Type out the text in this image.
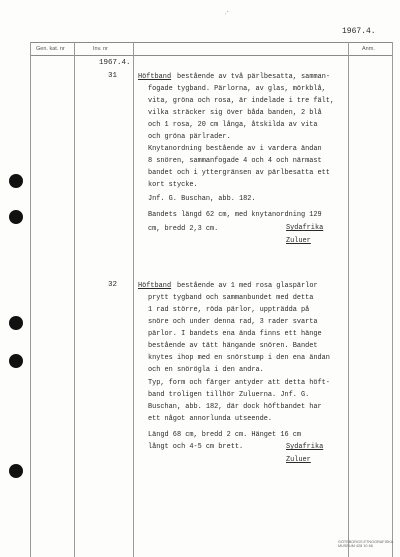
,⁺
1967.4.
Gen. kat. nr	Inv. nr	Anm.
1967.4.
31	Höftband bestående av två pärlbesatta, samman-
fogade tygband. Pärlorna, av glas, mörkblå,
vita, gröna och rosa, är indelade i tre fält,
vilka sträcker sig över båda banden, 2 blå
och 1 rosa, 20 cm långa, åtskilda av vita
och gröna pärlrader.
Knytanordning bestående av i vardera ändan
8 snören, sammanfogade 4 och 4 och närmast
bandet och i yttergränsen av pärlbesatta ett
kort stycke.
Jnf. G. Buschan, abb. 182.
Bandets längd 62 cm, med knytanordning 129
cm, bredd 2,3 cm.	Sydafrika
Zuluer
32	Höftband bestående av 1 med rosa glaspärlor
prytt tygband och sammanbundet med detta
1 rad större, röda pärlor, uppträdda på
snöre och under denna rad, 3 rader svarta
pärlor. I bandets ena ända finns ett hänge
bestående av tätt hängande snören. Bandet
knytes ihop med en snörstump i den ena ändan
och en snörögla i den andra.
Typ, form och färger antyder att detta höft-
band troligen tillhör Zuluerna. Jnf. G.
Buschan, abb. 182, där dock höftbandet har
ett något annorlunda utseende.
Längd 68 cm, bredd 2 cm. Hänget 16 cm
långt och 4-5 cm brett.	Sydafrika
Zuluer
GÖTEBORGS ETNOGRAFISKA MUSEUM 428 10 66
